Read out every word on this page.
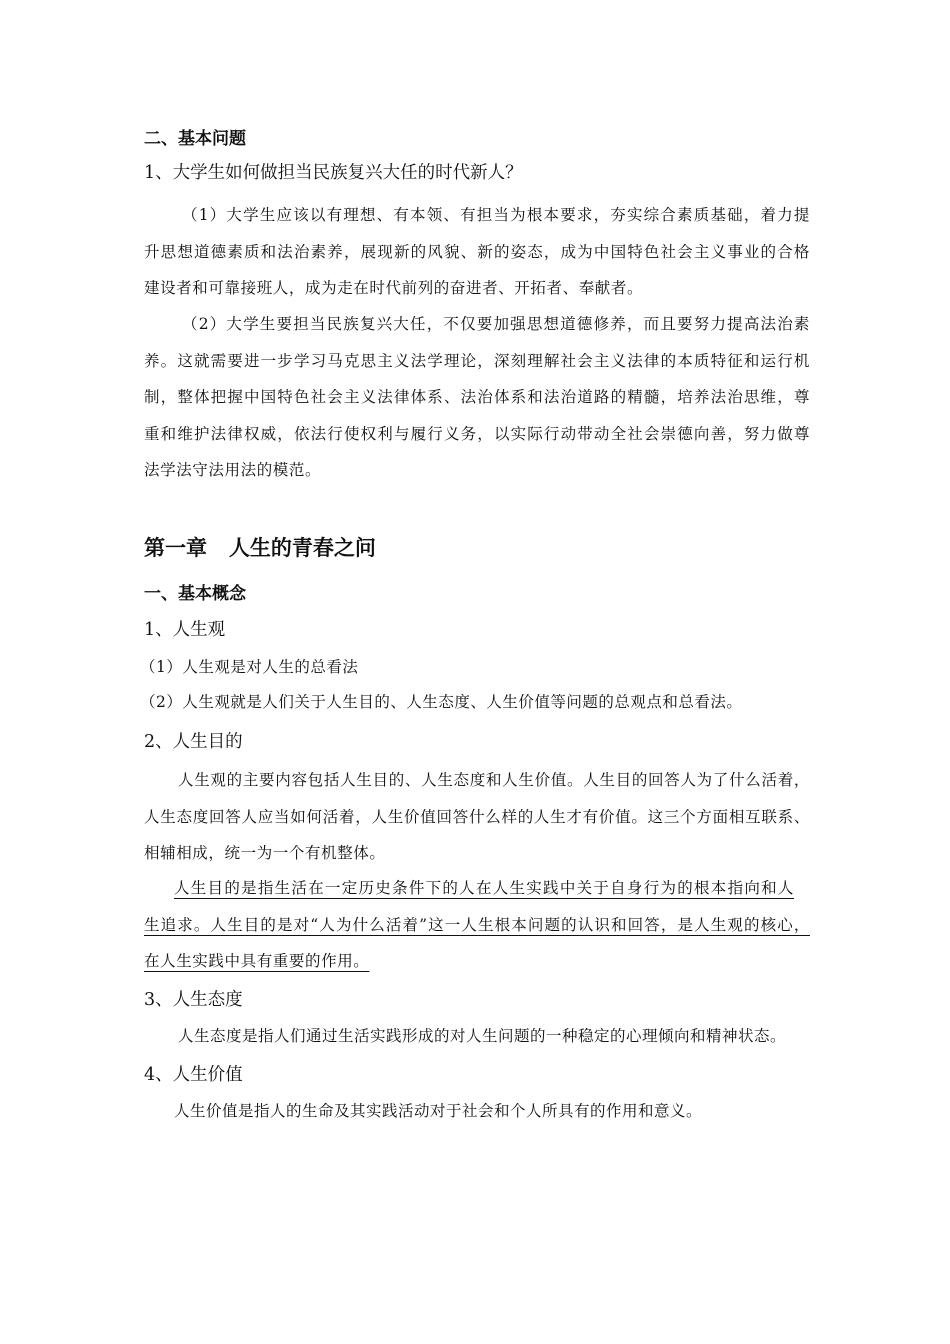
二、基本问题
1、大学生如何做担当民族复兴大任的时代新人？
（1）大学生应该以有理想、有本领、有担当为根本要求，夯实综合素质基础，着力提
升思想道德素质和法治素养，展现新的风貌、新的姿态，成为中国特色社会主义事业的合格
建设者和可靠接班人，成为走在时代前列的奋进者、开拓者、奉献者。
（2）大学生要担当民族复兴大任，不仅要加强思想道德修养，而且要努力提高法治素
养。这就需要进一步学习马克思主义法学理论，深刻理解社会主义法律的本质特征和运行机
制，整体把握中国特色社会主义法律体系、法治体系和法治道路的精髓，培养法治思维，尊
重和维护法律权威，依法行使权利与履行义务，以实际行动带动全社会崇德向善，努力做尊
法学法守法用法的模范。
第一章   人生的青春之问
一、基本概念
1、人生观
（1）人生观是对人生的总看法
（2）人生观就是人们关于人生目的、人生态度、人生价值等问题的总观点和总看法。
2、人生目的
人生观的主要内容包括人生目的、人生态度和人生价值。人生目的回答人为了什么活着，
人生态度回答人应当如何活着，人生价值回答什么样的人生才有价值。这三个方面相互联系、
相辅相成，统一为一个有机整体。
人生目的是指生活在一定历史条件下的人在人生实践中关于自身行为的根本指向和人
生追求。人生目的是对“人为什么活着”这一人生根本问题的认识和回答，是人生观的核心，
在人生实践中具有重要的作用。
3、人生态度
人生态度是指人们通过生活实践形成的对人生问题的一种稳定的心理倾向和精神状态。
4、人生价值
人生价值是指人的生命及其实践活动对于社会和个人所具有的作用和意义。
